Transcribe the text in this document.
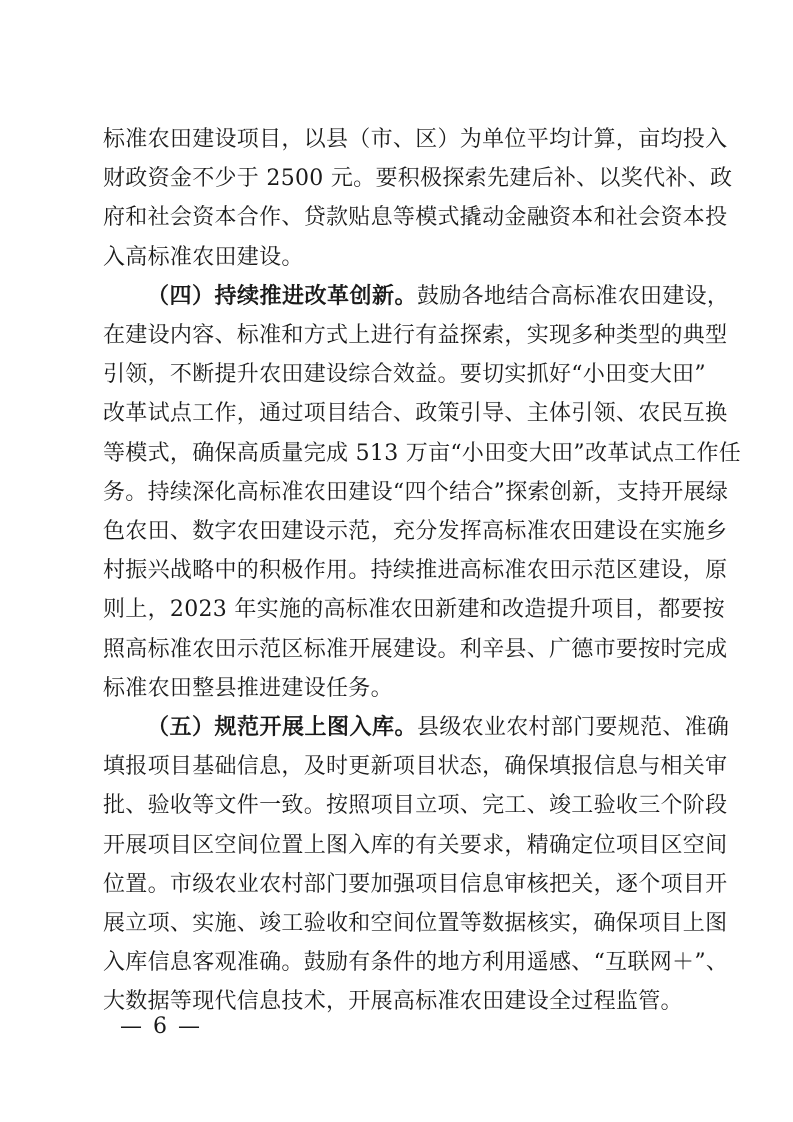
标准农田建设项目，以县（市、区）为单位平均计算，亩均投入
财政资金不少于 2500 元。要积极探索先建后补、以奖代补、政
府和社会资本合作、贷款贴息等模式撬动金融资本和社会资本投
入高标准农田建设。

（四）持续推进改革创新。鼓励各地结合高标准农田建设，
在建设内容、标准和方式上进行有益探索，实现多种类型的典型
引领，不断提升农田建设综合效益。要切实抓好“小田变大田”
改革试点工作，通过项目结合、政策引导、主体引领、农民互换
等模式，确保高质量完成 513 万亩“小田变大田”改革试点工作任
务。持续深化高标准农田建设“四个结合”探索创新，支持开展绿
色农田、数字农田建设示范，充分发挥高标准农田建设在实施乡
村振兴战略中的积极作用。持续推进高标准农田示范区建设，原
则上，2023 年实施的高标准农田新建和改造提升项目，都要按
照高标准农田示范区标准开展建设。利辛县、广德市要按时完成
标准农田整县推进建设任务。

（五）规范开展上图入库。县级农业农村部门要规范、准确
填报项目基础信息，及时更新项目状态，确保填报信息与相关审
批、验收等文件一致。按照项目立项、完工、竣工验收三个阶段
开展项目区空间位置上图入库的有关要求，精确定位项目区空间
位置。市级农业农村部门要加强项目信息审核把关，逐个项目开
展立项、实施、竣工验收和空间位置等数据核实，确保项目上图
入库信息客观准确。鼓励有条件的地方利用遥感、“互联网＋”、
大数据等现代信息技术，开展高标准农田建设全过程监管。

— 6 —
